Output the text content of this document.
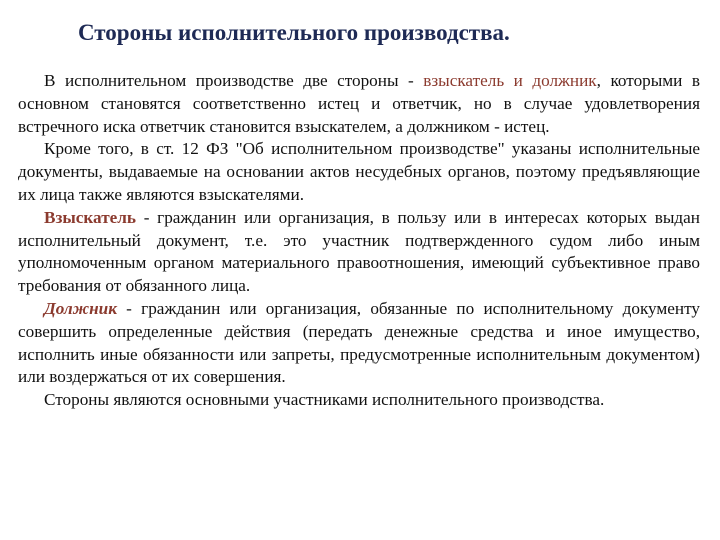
Стороны исполнительного производства.

В исполнительном производстве две стороны - взыскатель и должник, которыми в основном становятся соответственно истец и ответчик, но в случае удовлетворения встречного иска ответчик становится взыскателем, а должником - истец.

Кроме того, в ст. 12 ФЗ "Об исполнительном производстве" указаны исполнительные документы, выдаваемые на основании актов несудебных органов, поэтому предъявляющие их лица также являются взыскателями.

Взыскатель - гражданин или организация, в пользу или в интересах которых выдан исполнительный документ, т.е. это участник подтвержденного судом либо иным уполномоченным органом материального правоотношения, имеющий субъективное право требования от обязанного лица.

Должник - гражданин или организация, обязанные по исполнительному документу совершить определенные действия (передать денежные средства и иное имущество, исполнить иные обязанности или запреты, предусмотренные исполнительным документом) или воздержаться от их совершения.

Стороны являются основными участниками исполнительного производства.
